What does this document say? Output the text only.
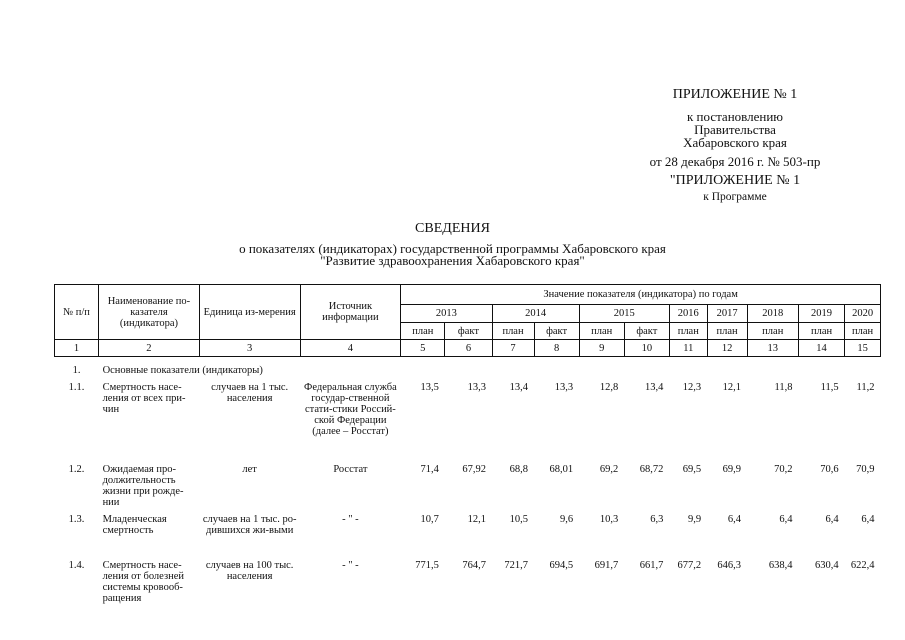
ПРИЛОЖЕНИЕ № 1
к постановлению
Правительства
Хабаровского края
от 28 декабря 2016 г. № 503-пр
"ПРИЛОЖЕНИЕ № 1
к Программе
СВЕДЕНИЯ
о показателях (индикаторах) государственной программы Хабаровского края
"Развитие здравоохранения Хабаровского края"
№ п/п	Наименование по-казателя (индикатора)	Единица из-мерения	Источник информации	Значение показателя (индикатора) по годам										
				2013		2014		2015		2016	2017	2018	2019	2020
				план	факт	план	факт	план	факт	план	план	план	план	план
1	2	3	4	5	6	7	8	9	10	11	12	13	14	15
1.	Основные показатели (индикаторы)													
1.1.	Смертность насе-ления от всех при-чин	случаев на 1 тыс. населения	Федеральная служба государ-ственной стати-стики Россий-ской Федерации (далее – Росстат)	13,5	13,3	13,4	13,3	12,8	13,4	12,3	12,1	11,8	11,5	11,2
1.2.	Ожидаемая про-должительность жизни при рожде-нии	лет	Росстат	71,4	67,92	68,8	68,01	69,2	68,72	69,5	69,9	70,2	70,6	70,9
1.3.	Младенческая смертность	случаев на 1 тыс. ро-дившихся жи-выми	- " -	10,7	12,1	10,5	9,6	10,3	6,3	9,9	6,4	6,4	6,4	6,4
1.4.	Смертность насе-ления от болезней системы кровооб-ращения	случаев на 100 тыс. населения	- " -	771,5	764,7	721,7	694,5	691,7	661,7	677,2	646,3	638,4	630,4	622,4
